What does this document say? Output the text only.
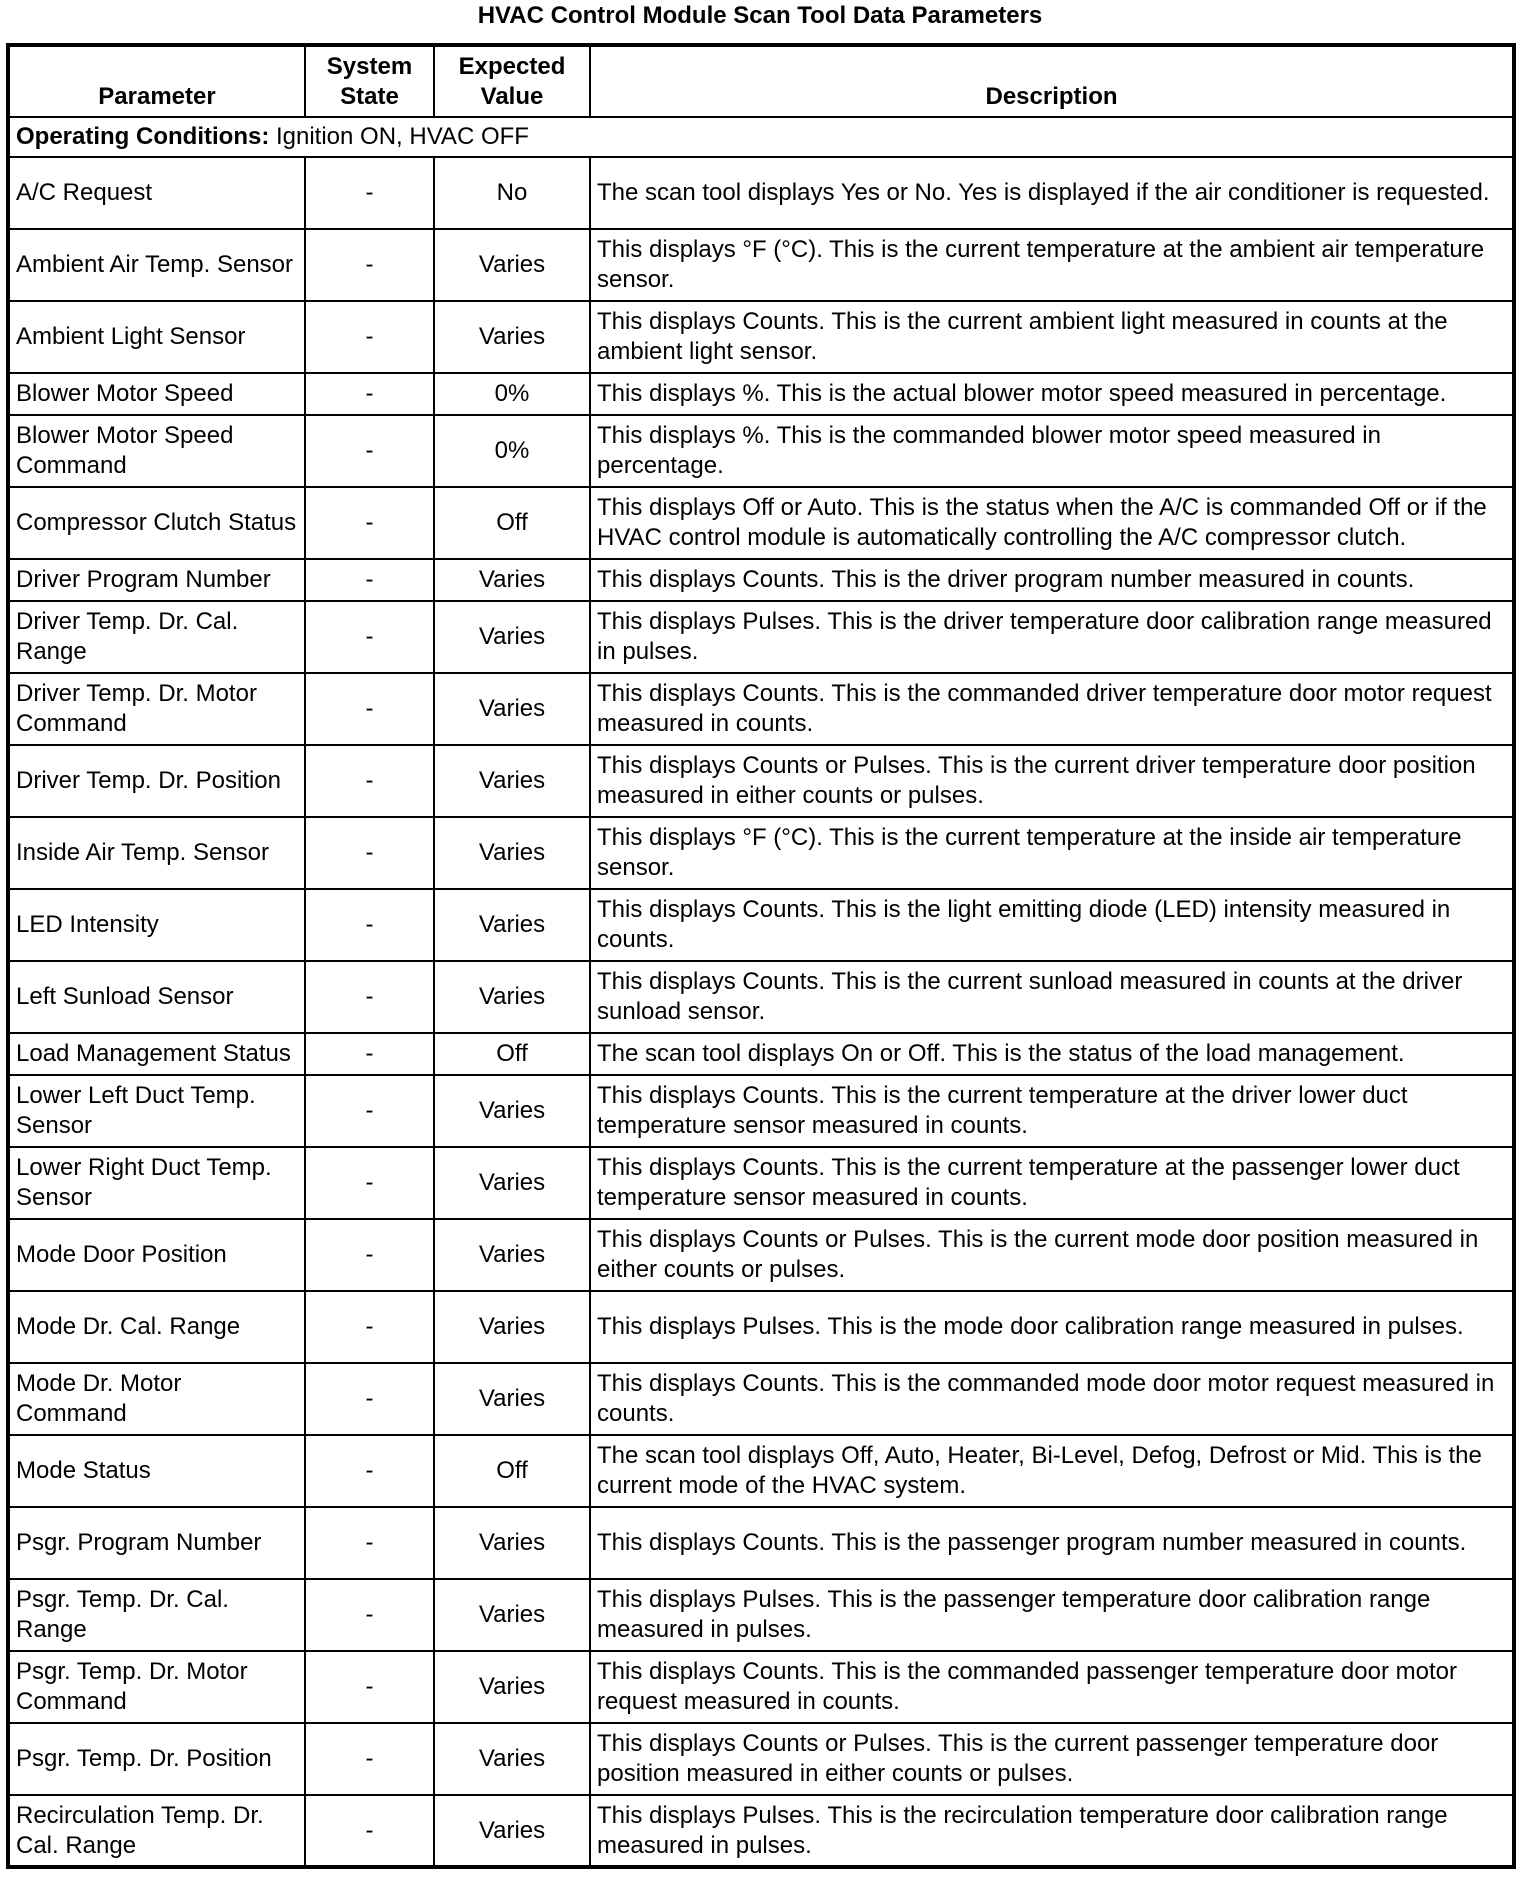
HVAC Control Module Scan Tool Data Parameters
Parameter	System State	Expected Value	Description
Operating Conditions: Ignition ON, HVAC OFF			
A/C Request	-	No	The scan tool displays Yes or No. Yes is displayed if the air conditioner is requested.
Ambient Air Temp. Sensor	-	Varies	This displays °F (°C). This is the current temperature at the ambient air temperature sensor.
Ambient Light Sensor	-	Varies	This displays Counts. This is the current ambient light measured in counts at the ambient light sensor.
Blower Motor Speed	-	0%	This displays %. This is the actual blower motor speed measured in percentage.
Blower Motor Speed Command	-	0%	This displays %. This is the commanded blower motor speed measured in percentage.
Compressor Clutch Status	-	Off	This displays Off or Auto. This is the status when the A/C is commanded Off or if the HVAC control module is automatically controlling the A/C compressor clutch.
Driver Program Number	-	Varies	This displays Counts. This is the driver program number measured in counts.
Driver Temp. Dr. Cal. Range	-	Varies	This displays Pulses. This is the driver temperature door calibration range measured in pulses.
Driver Temp. Dr. Motor Command	-	Varies	This displays Counts. This is the commanded driver temperature door motor request measured in counts.
Driver Temp. Dr. Position	-	Varies	This displays Counts or Pulses. This is the current driver temperature door position measured in either counts or pulses.
Inside Air Temp. Sensor	-	Varies	This displays °F (°C). This is the current temperature at the inside air temperature sensor.
LED Intensity	-	Varies	This displays Counts. This is the light emitting diode (LED) intensity measured in counts.
Left Sunload Sensor	-	Varies	This displays Counts. This is the current sunload measured in counts at the driver sunload sensor.
Load Management Status	-	Off	The scan tool displays On or Off. This is the status of the load management.
Lower Left Duct Temp. Sensor	-	Varies	This displays Counts. This is the current temperature at the driver lower duct temperature sensor measured in counts.
Lower Right Duct Temp. Sensor	-	Varies	This displays Counts. This is the current temperature at the passenger lower duct temperature sensor measured in counts.
Mode Door Position	-	Varies	This displays Counts or Pulses. This is the current mode door position measured in either counts or pulses.
Mode Dr. Cal. Range	-	Varies	This displays Pulses. This is the mode door calibration range measured in pulses.
Mode Dr. Motor Command	-	Varies	This displays Counts. This is the commanded mode door motor request measured in counts.
Mode Status	-	Off	The scan tool displays Off, Auto, Heater, Bi-Level, Defog, Defrost or Mid. This is the current mode of the HVAC system.
Psgr. Program Number	-	Varies	This displays Counts. This is the passenger program number measured in counts.
Psgr. Temp. Dr. Cal. Range	-	Varies	This displays Pulses. This is the passenger temperature door calibration range measured in pulses.
Psgr. Temp. Dr. Motor Command	-	Varies	This displays Counts. This is the commanded passenger temperature door motor request measured in counts.
Psgr. Temp. Dr. Position	-	Varies	This displays Counts or Pulses. This is the current passenger temperature door position measured in either counts or pulses.
Recirculation Temp. Dr. Cal. Range	-	Varies	This displays Pulses. This is the recirculation temperature door calibration range measured in pulses.
